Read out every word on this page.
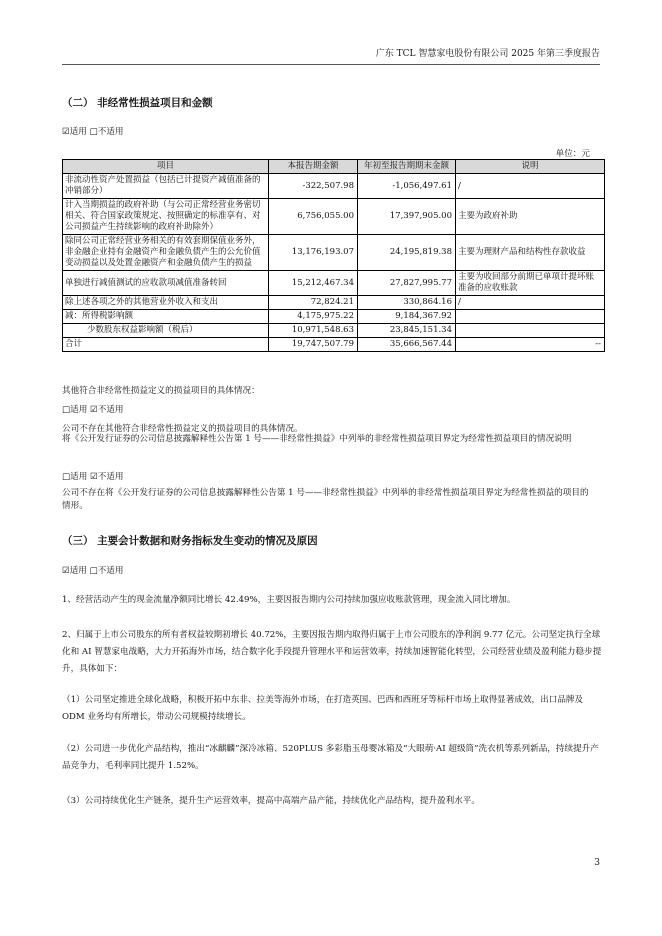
广东 TCL 智慧家电股份有限公司 2025 年第三季度报告
（二） 非经常性损益项目和金额
☑适用 □不适用
单位：元
项目	本报告期金额	年初至报告期期末金额	说明
非流动性资产处置损益（包括已计提资产减值准备的冲销部分）	-322,507.98	-1,056,497.61	/
计入当期损益的政府补助（与公司正常经营业务密切相关、符合国家政策规定、按照确定的标准享有、对公司损益产生持续影响的政府补助除外）	6,756,055.00	17,397,905.00	主要为政府补助
除同公司正常经营业务相关的有效套期保值业务外，非金融企业持有金融资产和金融负债产生的公允价值变动损益以及处置金融资产和金融负债产生的损益	13,176,193.07	24,195,819.38	主要为理财产品和结构性存款收益
单独进行减值测试的应收款项减值准备转回	15,212,467.34	27,827,995.77	主要为收回部分前期已单项计提坏账准备的应收账款
除上述各项之外的其他营业外收入和支出	72,824.21	330,864.16	/
减：所得税影响额	4,175,975.22	9,184,367.92	
少数股东权益影响额（税后）	10,971,548.63	23,845,151.34	
合计	19,747,507.79	35,666,567.44	--
其他符合非经常性损益定义的损益项目的具体情况：
□适用 ☑不适用
公司不存在其他符合非经常性损益定义的损益项目的具体情况。
将《公开发行证券的公司信息披露解释性公告第 1 号——非经常性损益》中列举的非经常性损益项目界定为经常性损益项目的情况说明
□适用 ☑不适用
公司不存在将《公开发行证券的公司信息披露解释性公告第 1 号——非经常性损益》中列举的非经常性损益项目界定为经常性损益的项目的情形。
（三） 主要会计数据和财务指标发生变动的情况及原因
☑适用 □不适用
1、经营活动产生的现金流量净额同比增长 42.49%，主要因报告期内公司持续加强应收账款管理，现金流入同比增加。
2、归属于上市公司股东的所有者权益较期初增长 40.72%，主要因报告期内取得归属于上市公司股东的净利润 9.77 亿元。公司坚定执行全球化和 AI 智慧家电战略，大力开拓海外市场，结合数字化手段提升管理水平和运营效率，持续加速智能化转型，公司经营业绩及盈利能力稳步提升，具体如下：
（1）公司坚定推进全球化战略，积极开拓中东非、拉美等海外市场，在打造英国、巴西和西班牙等标杆市场上取得显著成效，出口品牌及 ODM 业务均有所增长，带动公司规模持续增长。
（2）公司进一步优化产品结构，推出“冰麒麟”深冷冰箱、520PLUS 多彩脂玉母婴冰箱及“大眼萌·AI 超级筒”洗衣机等系列新品，持续提升产品竞争力，毛利率同比提升 1.52%。
（3）公司持续优化生产链条，提升生产运营效率，提高中高端产品产能，持续优化产品结构，提升盈利水平。
3
